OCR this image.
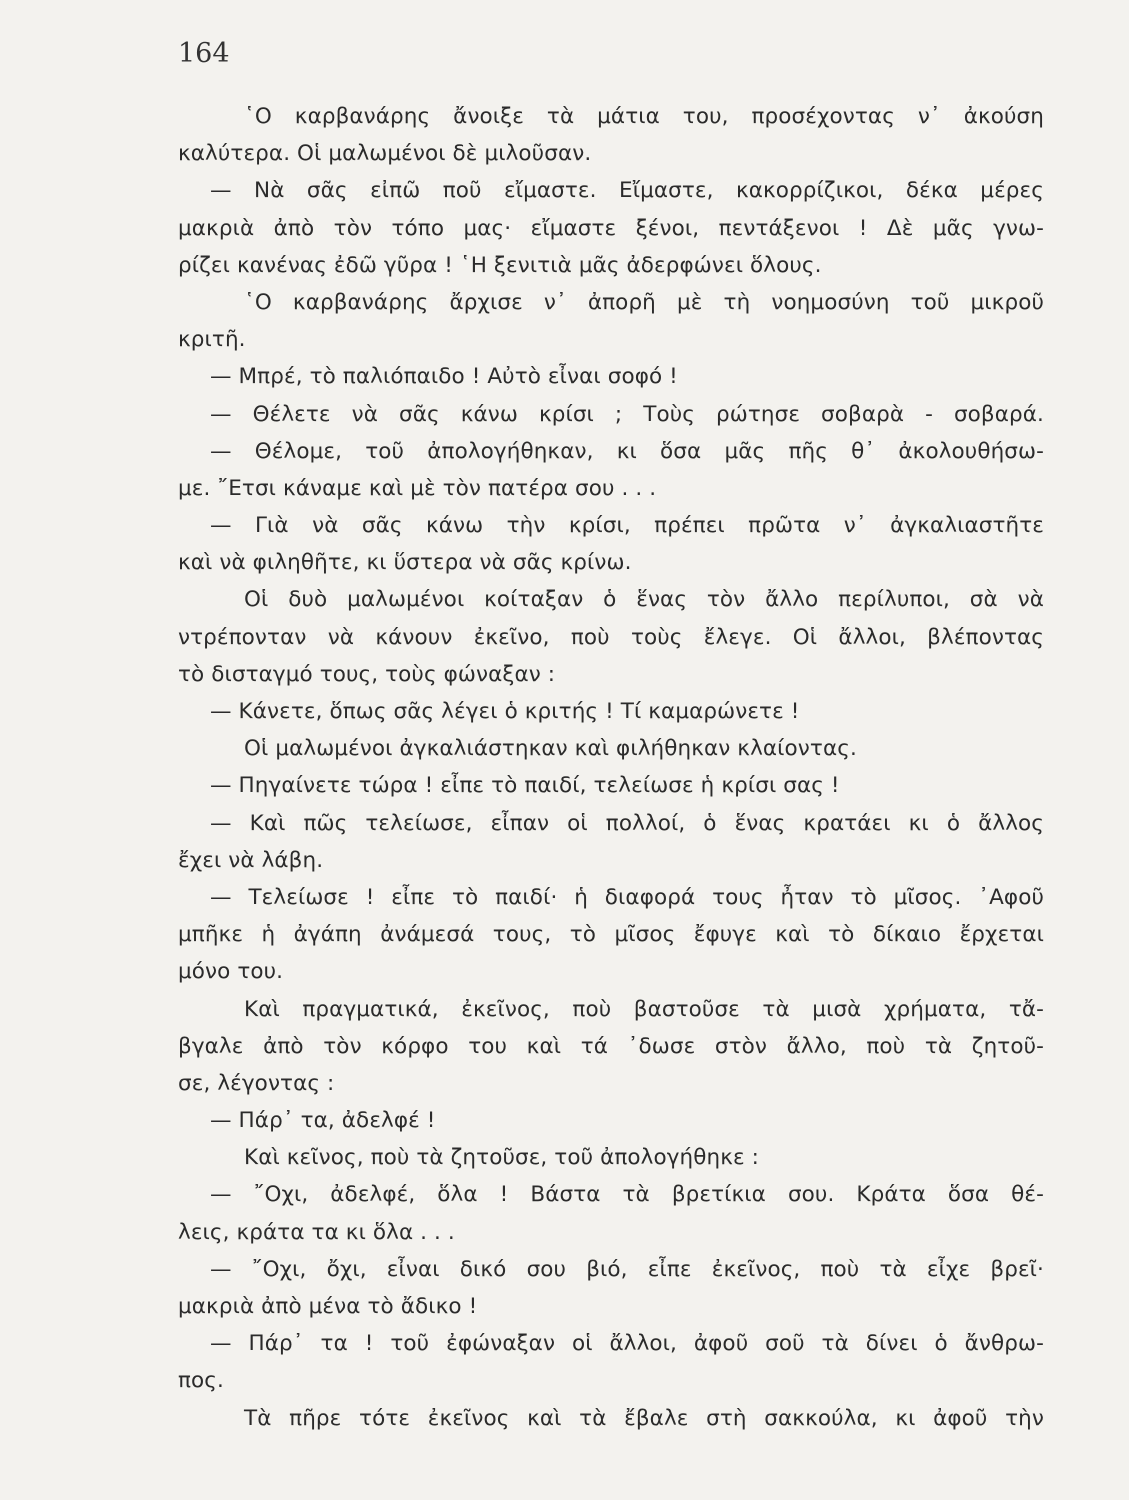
164
῾Ο καρβανάρης ἄνοιξε τὰ μάτια του, προσέχοντας ν᾿ ἀκούση
καλύτερα. Οἱ μαλωμένοι δὲ μιλοῦσαν.
— Νὰ σᾶς εἰπῶ ποῦ εἴμαστε. Εἴμαστε, κακορρίζικοι, δέκα μέρες
μακριὰ ἀπὸ τὸν τόπο μας· εἴμαστε ξένοι, πεντάξενοι ! Δὲ μᾶς γνω-
ρίζει κανένας ἐδῶ γῦρα ! ῾Η ξενιτιὰ μᾶς ἀδερφώνει ὅλους.
῾Ο καρβανάρης ἄρχισε ν᾿ ἀπορῆ μὲ τὴ νοημοσύνη τοῦ μικροῦ
κριτῆ.
— Μπρέ, τὸ παλιόπαιδο ! Αὐτὸ εἶναι σοφό !
— Θέλετε νὰ σᾶς κάνω κρίσι ; Τοὺς ρώτησε σοβαρὰ - σοβαρά.
— Θέλομε, τοῦ ἀπολογήθηκαν, κι ὅσα μᾶς πῆς θ᾿ ἀκολουθήσω-
με. ῎Ετσι κάναμε καὶ μὲ τὸν πατέρα σου . . .
— Γιὰ νὰ σᾶς κάνω τὴν κρίσι, πρέπει πρῶτα ν᾿ ἀγκαλιαστῆτε
καὶ νὰ φιληθῆτε, κι ὕστερα νὰ σᾶς κρίνω.
Οἱ δυὸ μαλωμένοι κοίταξαν ὁ ἕνας τὸν ἄλλο περίλυποι, σὰ νὰ
ντρέπονταν νὰ κάνουν ἐκεῖνο, ποὺ τοὺς ἔλεγε. Οἱ ἄλλοι, βλέποντας
τὸ δισταγμό τους, τοὺς φώναξαν :
— Κάνετε, ὅπως σᾶς λέγει ὁ κριτής ! Τί καμαρώνετε !
Οἱ μαλωμένοι ἀγκαλιάστηκαν καὶ φιλήθηκαν κλαίοντας.
— Πηγαίνετε τώρα ! εἶπε τὸ παιδί, τελείωσε ἡ κρίσι σας !
— Καὶ πῶς τελείωσε, εἶπαν οἱ πολλοί, ὁ ἕνας κρατάει κι ὁ ἄλλος
ἔχει νὰ λάβη.
— Τελείωσε ! εἶπε τὸ παιδί· ἡ διαφορά τους ἦταν τὸ μῖσος. ᾿Αφοῦ
μπῆκε ἡ ἀγάπη ἀνάμεσά τους, τὸ μῖσος ἔφυγε καὶ τὸ δίκαιο ἔρχεται
μόνο του.
Καὶ πραγματικά, ἐκεῖνος, ποὺ βαστοῦσε τὰ μισὰ χρήματα, τἄ-
βγαλε ἀπὸ τὸν κόρφο του καὶ τά ᾿δωσε στὸν ἄλλο, ποὺ τὰ ζητοῦ-
σε, λέγοντας :
— Πάρ᾿ τα, ἀδελφέ !
Καὶ κεῖνος, ποὺ τὰ ζητοῦσε, τοῦ ἀπολογήθηκε :
— ῎Οχι, ἀδελφέ, ὅλα ! Βάστα τὰ βρετίκια σου. Κράτα ὅσα θέ-
λεις, κράτα τα κι ὅλα . . .
— ῎Οχι, ὄχι, εἶναι δικό σου βιό, εἶπε ἐκεῖνος, ποὺ τὰ εἶχε βρεῖ·
μακριὰ ἀπὸ μένα τὸ ἄδικο !
— Πάρ᾿ τα ! τοῦ ἐφώναξαν οἱ ἄλλοι, ἀφοῦ σοῦ τὰ δίνει ὁ ἄνθρω-
πος.
Τὰ πῆρε τότε ἐκεῖνος καὶ τὰ ἔβαλε στὴ σακκούλα, κι ἀφοῦ τὴν
